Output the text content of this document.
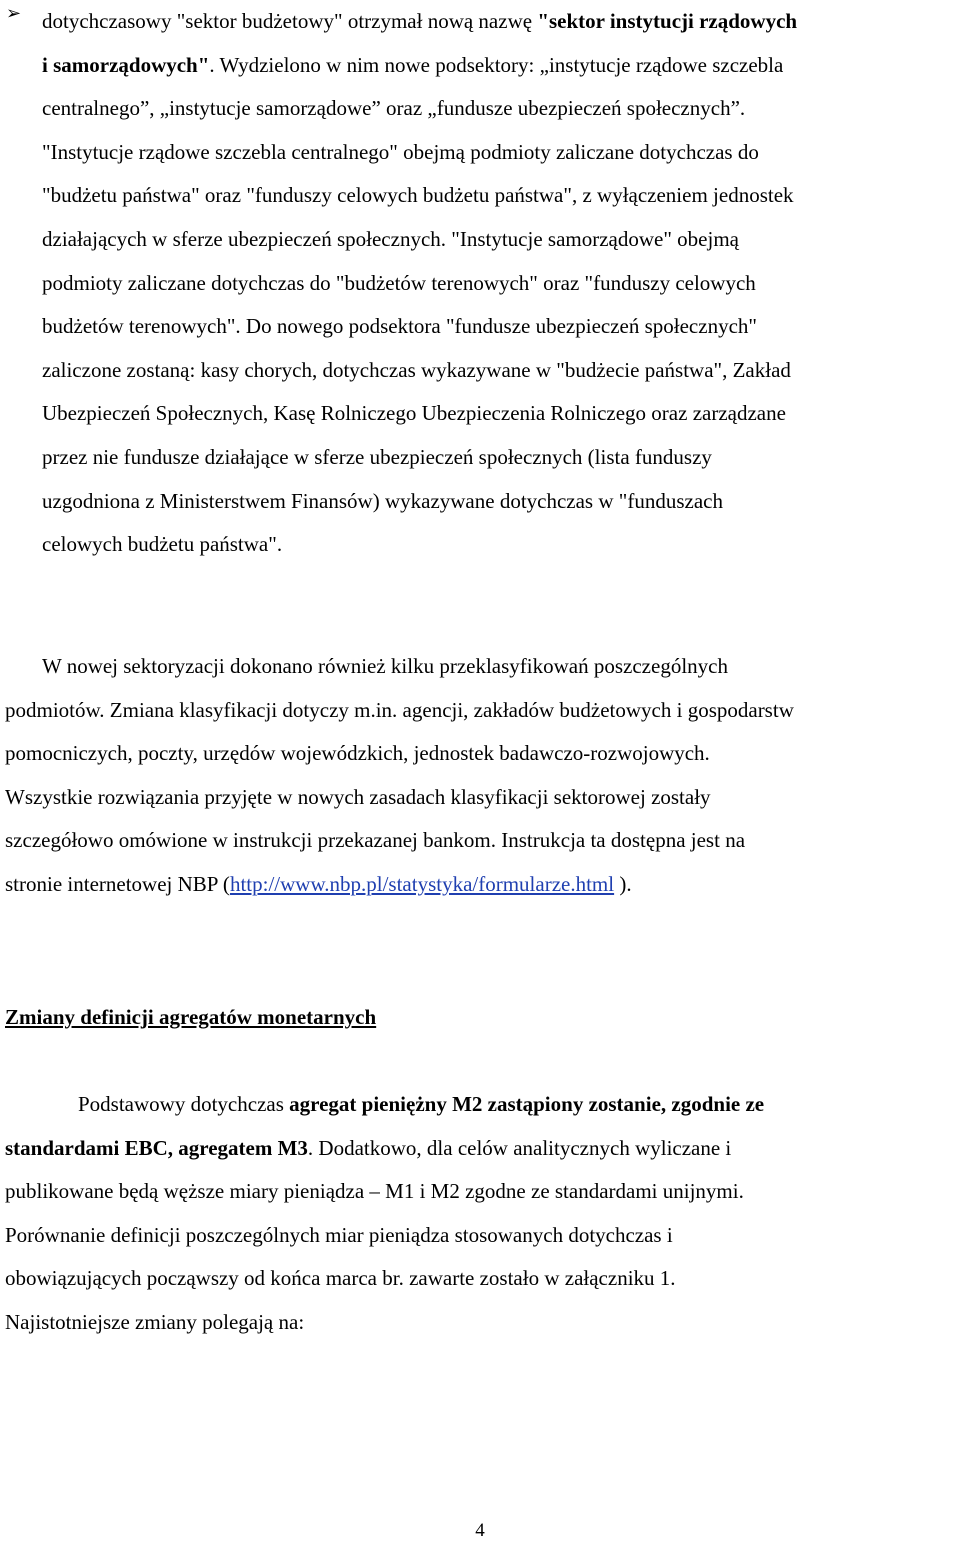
➢ dotychczasowy "sektor budżetowy" otrzymał nową nazwę "sektor instytucji rządowych
i samorządowych". Wydzielono w nim nowe podsektory: „instytucje rządowe szczebla
centralnego”, „instytucje samorządowe” oraz „fundusze ubezpieczeń społecznych”.
"Instytucje rządowe szczebla centralnego" obejmą podmioty zaliczane dotychczas do
"budżetu państwa" oraz "funduszy celowych budżetu państwa", z wyłączeniem jednostek
działających w sferze ubezpieczeń społecznych. "Instytucje samorządowe" obejmą
podmioty zaliczane dotychczas do "budżetów terenowych" oraz "funduszy celowych
budżetów terenowych". Do nowego podsektora "fundusze ubezpieczeń społecznych"
zaliczone zostaną: kasy chorych, dotychczas wykazywane w "budżecie państwa", Zakład
Ubezpieczeń Społecznych, Kasę Rolniczego Ubezpieczenia Rolniczego oraz zarządzane
przez nie fundusze działające w sferze ubezpieczeń społecznych (lista funduszy
uzgodniona z Ministerstwem Finansów) wykazywane dotychczas w "funduszach
celowych budżetu państwa".
W nowej sektoryzacji dokonano również kilku przeklasyfikowań poszczególnych
podmiotów. Zmiana klasyfikacji dotyczy m.in. agencji, zakładów budżetowych i gospodarstw
pomocniczych, poczty, urzędów wojewódzkich, jednostek badawczo-rozwojowych.
Wszystkie rozwiązania przyjęte w nowych zasadach klasyfikacji sektorowej zostały
szczegółowo omówione w instrukcji przekazanej bankom. Instrukcja ta dostępna jest na
stronie internetowej NBP (http://www.nbp.pl/statystyka/formularze.html ).
Zmiany definicji agregatów monetarnych
Podstawowy dotychczas agregat pieniężny M2 zastąpiony zostanie, zgodnie ze
standardami EBC, agregatem M3. Dodatkowo, dla celów analitycznych wyliczane i
publikowane będą węższe miary pieniądza – M1 i M2 zgodne ze standardami unijnymi.
Porównanie definicji poszczególnych miar pieniądza stosowanych dotychczas i
obowiązujących począwszy od końca marca br. zawarte zostało w załączniku 1.
Najistotniejsze zmiany polegają na:
4
